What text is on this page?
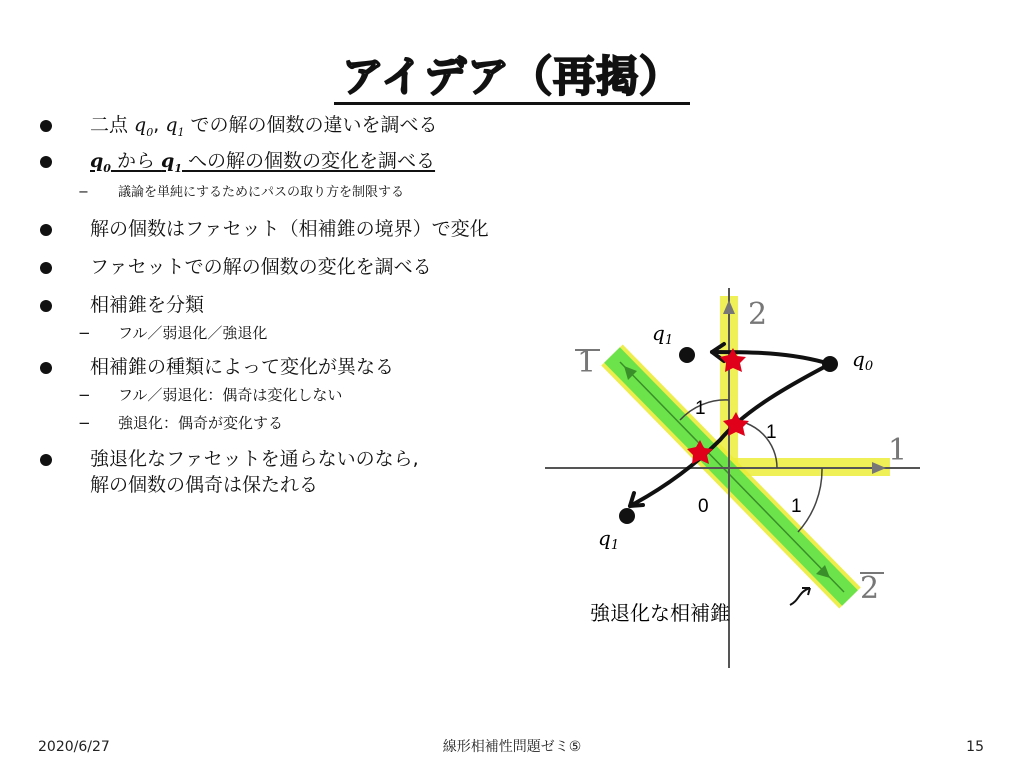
アイデア（再掲）
二点 $q_0$, $q_1$ での解の個数の違いを調べる
$q_0$ から $q_1$ への解の個数の変化を調べる
− 議論を単純にするためにパスの取り方を制限する
解の個数はファセット（相補錐の境界）で変化
ファセットでの解の個数の変化を調べる
相補錐を分類
− フル／弱退化／強退化
相補錐の種類によって変化が異なる
− フル／弱退化：偶奇は変化しない
− 強退化：偶奇が変化する
強退化なファセットを通らないのなら,
解の個数の偶奇は保たれる
2
1
1
2
1
1
0	1
$q_1$
$q_0$
$q_1$
強退化な相補錐
2020/6/27	線形相補性問題ゼミ⑤	15
